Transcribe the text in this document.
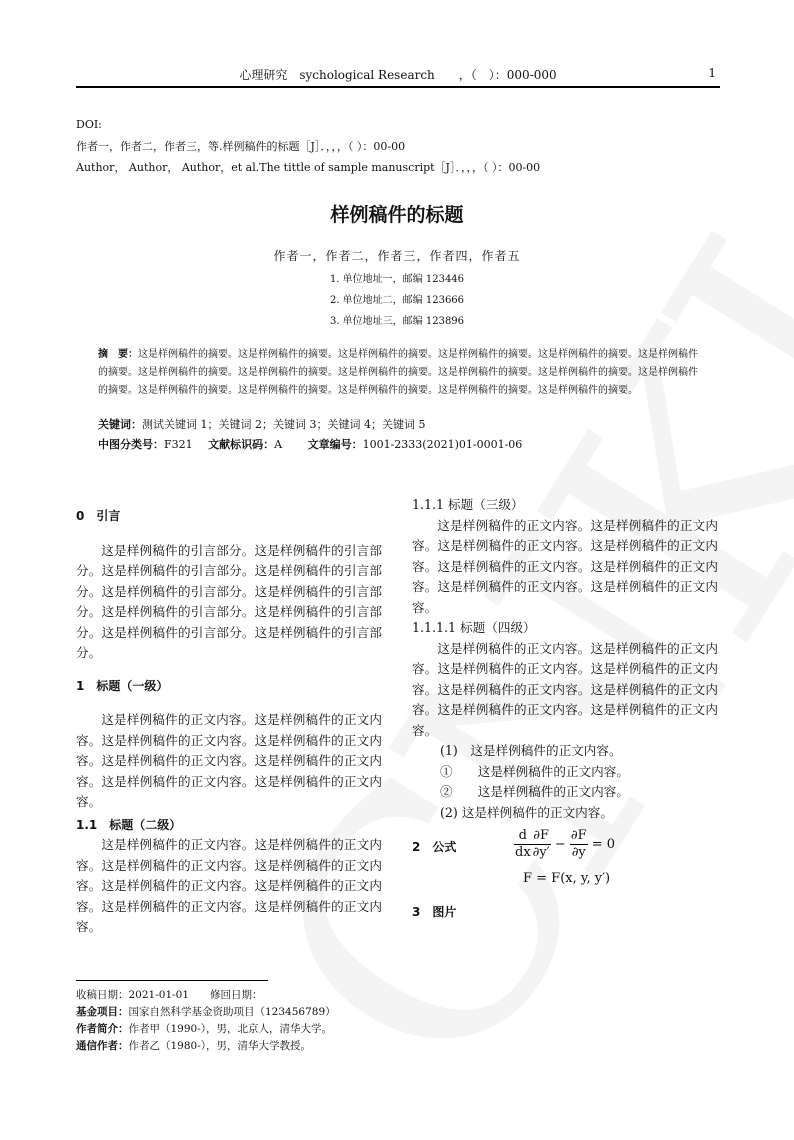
心理研究　sychological Research　　，（　）：000-000	1
DOI:
作者一，作者二，作者三，等.样例稿件的标题［J］．，，，（ ）：00-00
Author， Author， Author，et al.The tittle of sample manuscript［J］．，，，（ ）：00-00
样例稿件的标题
作者一，作者二，作者三，作者四，作者五
1. 单位地址一，邮编 123446
2. 单位地址二，邮编 123666
3. 单位地址三，邮编 123896
摘　要：这是样例稿件的摘要。这是样例稿件的摘要。这是样例稿件的摘要。这是样例稿件的摘要。这是样例稿件的摘要。这是样例稿件的摘要。这是样例稿件的摘要。这是样例稿件的摘要。这是样例稿件的摘要。这是样例稿件的摘要。这是样例稿件的摘要。这是样例稿件的摘要。这是样例稿件的摘要。这是样例稿件的摘要。这是样例稿件的摘要。这是样例稿件的摘要。这是样例稿件的摘要。
关键词：测试关键词 1；关键词 2；关键词 3；关键词 4；关键词 5
中图分类号：F321 文献标识码：A 文章编号：1001-2333(2021)01-0001-06
0　引言

这是样例稿件的引言部分。这是样例稿件的引言部分。这是样例稿件的引言部分。这是样例稿件的引言部分。这是样例稿件的引言部分。这是样例稿件的引言部分。这是样例稿件的引言部分。这是样例稿件的引言部分。这是样例稿件的引言部分。这是样例稿件的引言部分。

1　标题（一级）

这是样例稿件的正文内容。这是样例稿件的正文内容。这是样例稿件的正文内容。这是样例稿件的正文内容。这是样例稿件的正文内容。这是样例稿件的正文内容。这是样例稿件的正文内容。这是样例稿件的正文内容。

1.1　标题（二级）

这是样例稿件的正文内容。这是样例稿件的正文内容。这是样例稿件的正文内容。这是样例稿件的正文内容。这是样例稿件的正文内容。这是样例稿件的正文内容。这是样例稿件的正文内容。这是样例稿件的正文内容。

1.1.1 标题（三级）

这是样例稿件的正文内容。这是样例稿件的正文内容。这是样例稿件的正文内容。这是样例稿件的正文内容。这是样例稿件的正文内容。这是样例稿件的正文内容。这是样例稿件的正文内容。这是样例稿件的正文内容。

1.1.1.1 标题（四级）

这是样例稿件的正文内容。这是样例稿件的正文内容。这是样例稿件的正文内容。这是样例稿件的正文内容。这是样例稿件的正文内容。这是样例稿件的正文内容。这是样例稿件的正文内容。这是样例稿件的正文内容。

(1)　这是样例稿件的正文内容。
①　　这是样例稿件的正文内容。
②　　这是样例稿件的正文内容。
(2) 这是样例稿件的正文内容。
2　公式	$\frac{d}{dx} \frac{\partial F}{\partial y'} - \frac{\partial F}{\partial y} = 0$
F = F(x, y, y′)
3　图片
收稿日期：2021-01-01　　修回日期：
基金项目：国家自然科学基金资助项目（123456789）
作者简介：作者甲（1990-），男，北京人，清华大学。
通信作者：作者乙（1980-），男，清华大学教授。
